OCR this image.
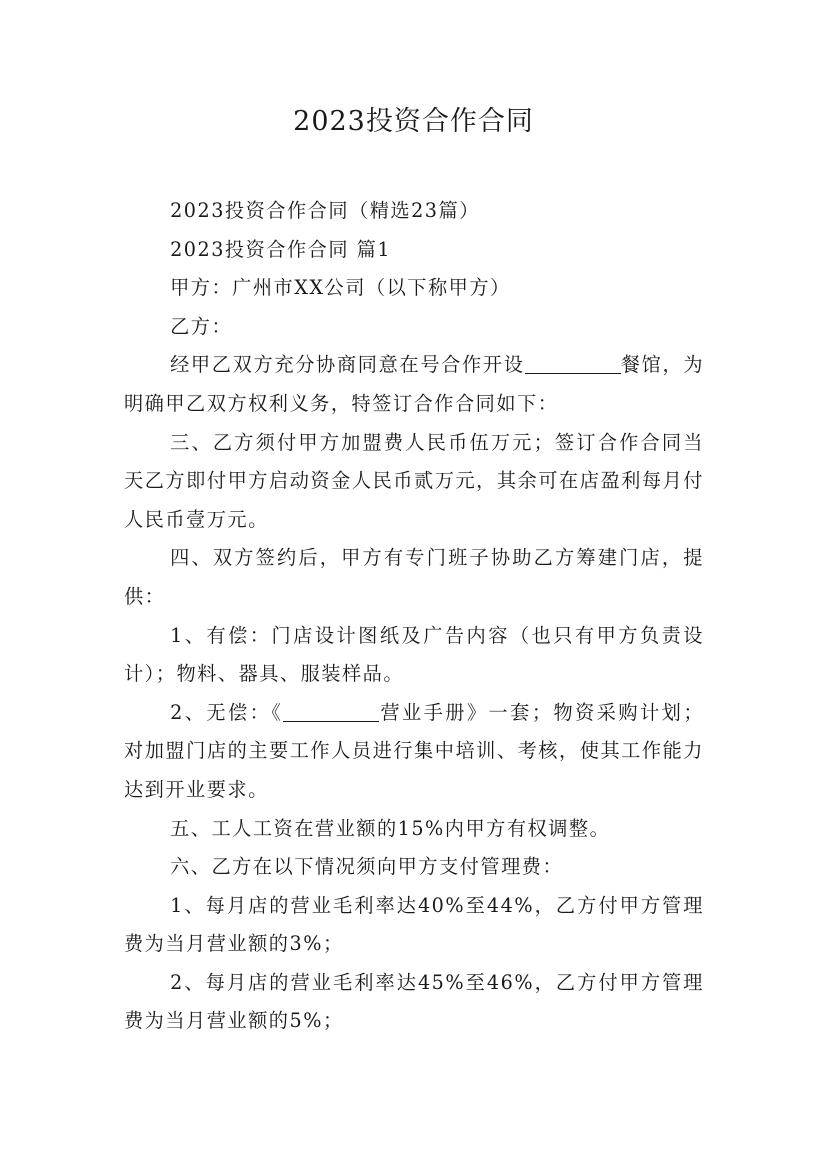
2023投资合作合同

2023投资合作合同（精选23篇）

2023投资合作合同 篇1

甲方：广州市XX公司（以下称甲方）

乙方：

经甲乙双方充分协商同意在号合作开设	餐馆，为明确甲乙双方权利义务，特签订合作合同如下：

三、乙方须付甲方加盟费人民币伍万元；签订合作合同当天乙方即付甲方启动资金人民币贰万元，其余可在店盈利每月付人民币壹万元。

四、双方签约后，甲方有专门班子协助乙方筹建门店，提供：

1、有偿：门店设计图纸及广告内容（也只有甲方负责设计）；物料、器具、服装样品。

2、无偿：《	营业手册》一套；物资采购计划；对加盟门店的主要工作人员进行集中培训、考核，使其工作能力达到开业要求。

五、工人工资在营业额的15%内甲方有权调整。

六、乙方在以下情况须向甲方支付管理费：

1、每月店的营业毛利率达40%至44%，乙方付甲方管理费为当月营业额的3%；

2、每月店的营业毛利率达45%至46%，乙方付甲方管理费为当月营业额的5%；
